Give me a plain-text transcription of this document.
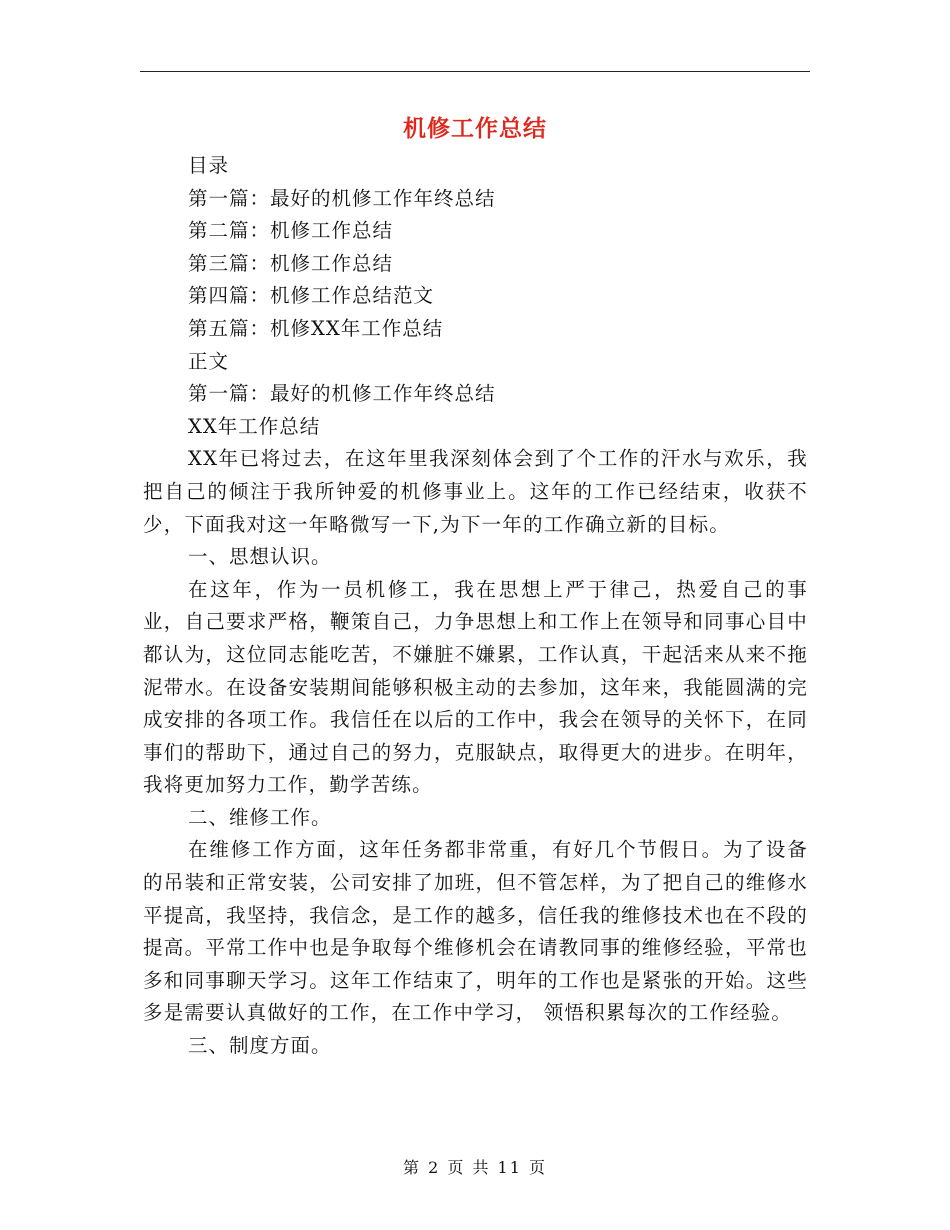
机修工作总结
目录
第一篇：最好的机修工作年终总结
第二篇：机修工作总结
第三篇：机修工作总结
第四篇：机修工作总结范文
第五篇：机修XX年工作总结
正文
第一篇：最好的机修工作年终总结
XX年工作总结

XX年已将过去，在这年里我深刻体会到了个工作的汗水与欢乐，我把自己的倾注于我所钟爱的机修事业上。这年的工作已经结束，收获不少，下面我对这一年略微写一下,为下一年的工作确立新的目标。

一、思想认识。

在这年，作为一员机修工，我在思想上严于律己，热爱自己的事业，自己要求严格，鞭策自己，力争思想上和工作上在领导和同事心目中都认为，这位同志能吃苦，不嫌脏不嫌累，工作认真，干起活来从来不拖泥带水。在设备安装期间能够积极主动的去参加，这年来，我能圆满的完成安排的各项工作。我信任在以后的工作中，我会在领导的关怀下，在同事们的帮助下，通过自己的努力，克服缺点，取得更大的进步。在明年，我将更加努力工作，勤学苦练。

二、维修工作。

在维修工作方面，这年任务都非常重，有好几个节假日。为了设备的吊装和正常安装，公司安排了加班，但不管怎样，为了把自己的维修水平提高，我坚持，我信念，是工作的越多，信任我的维修技术也在不段的提高。平常工作中也是争取每个维修机会在请教同事的维修经验，平常也多和同事聊天学习。这年工作结束了，明年的工作也是紧张的开始。这些多是需要认真做好的工作，在工作中学习， 领悟积累每次的工作经验。

三、制度方面。
第 2 页 共 11 页
